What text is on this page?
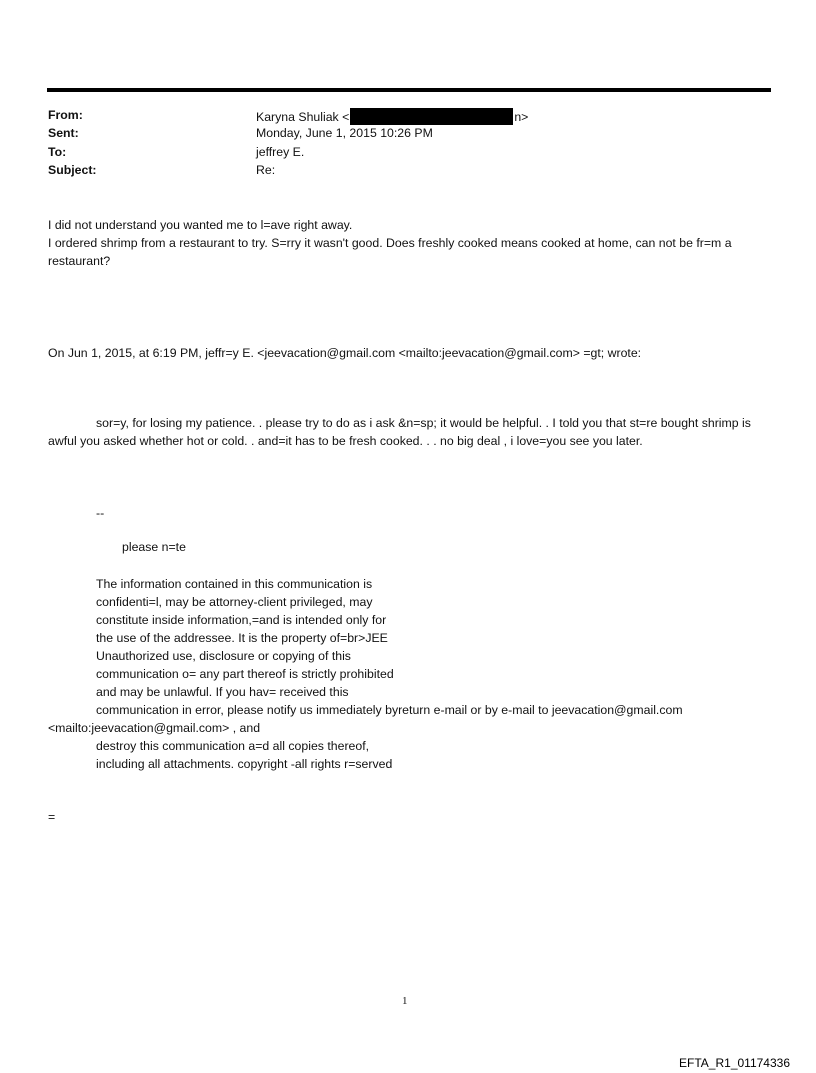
From:	Karyna Shuliak <	n>
Sent:	Monday, June 1, 2015 10:26 PM
To:	jeffrey E.
Subject:	Re:
I did not understand you wanted me to l=ave right away.
I ordered shrimp from a restaurant to try. S=rry it wasn't good. Does freshly cooked means cooked at home, can not be fr=m a restaurant?
On Jun 1, 2015, at 6:19 PM, jeffr=y E. <jeevacation@gmail.com <mailto:jeevacation@gmail.com> =gt; wrote:
sor=y, for losing my patience. . please try to do as i ask &n=sp; it would be helpful. . I told you that st=re bought shrimp is awful you asked whether hot or cold. . and=it has to be fresh cooked. . . no big deal , i love=you see you later.
--
please n=te
The information contained in this communication is
confidenti=l, may be attorney-client privileged, may
constitute inside information,=and is intended only for
the use of the addressee. It is the property of=br>JEE
Unauthorized use, disclosure or copying of this
communication o= any part thereof is strictly prohibited
and may be unlawful. If you hav= received this
communication in error, please notify us immediately byreturn e-mail or by e-mail to jeevacation@gmail.com
<mailto:jeevacation@gmail.com> , and
destroy this communication a=d all copies thereof,
including all attachments. copyright -all rights r=served
=
1
EFTA_R1_01174336
